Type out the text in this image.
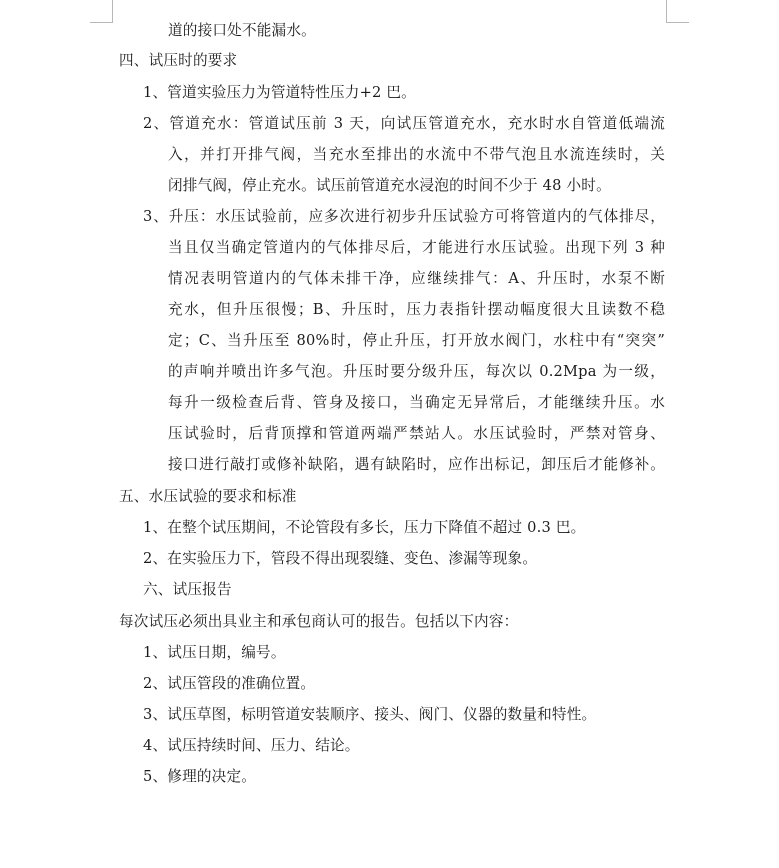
道的接口处不能漏水。
四、试压时的要求
1、管道实验压力为管道特性压力+2 巴。
2、管道充水：管道试压前 3 天，向试压管道充水，充水时水自管道低端流
入，并打开排气阀，当充水至排出的水流中不带气泡且水流连续时，关
闭排气阀，停止充水。试压前管道充水浸泡的时间不少于 48 小时。
3、升压：水压试验前，应多次进行初步升压试验方可将管道内的气体排尽，
当且仅当确定管道内的气体排尽后，才能进行水压试验。出现下列 3 种
情况表明管道内的气体未排干净，应继续排气：A、升压时，水泵不断
充水，但升压很慢；B、升压时，压力表指针摆动幅度很大且读数不稳
定；C、当升压至 80%时，停止升压，打开放水阀门，水柱中有“突突”
的声响并喷出许多气泡。升压时要分级升压，每次以 0.2Mpa 为一级，
每升一级检查后背、管身及接口，当确定无异常后，才能继续升压。水
压试验时，后背顶撑和管道两端严禁站人。水压试验时，严禁对管身、
接口进行敲打或修补缺陷，遇有缺陷时，应作出标记，卸压后才能修补。
五、水压试验的要求和标准
1、在整个试压期间，不论管段有多长，压力下降值不超过 0.3 巴。
2、在实验压力下，管段不得出现裂缝、变色、渗漏等现象。
六、试压报告
每次试压必须出具业主和承包商认可的报告。包括以下内容：
1、试压日期，编号。
2、试压管段的准确位置。
3、试压草图，标明管道安装顺序、接头、阀门、仪器的数量和特性。
4、试压持续时间、压力、结论。
5、修理的决定。
